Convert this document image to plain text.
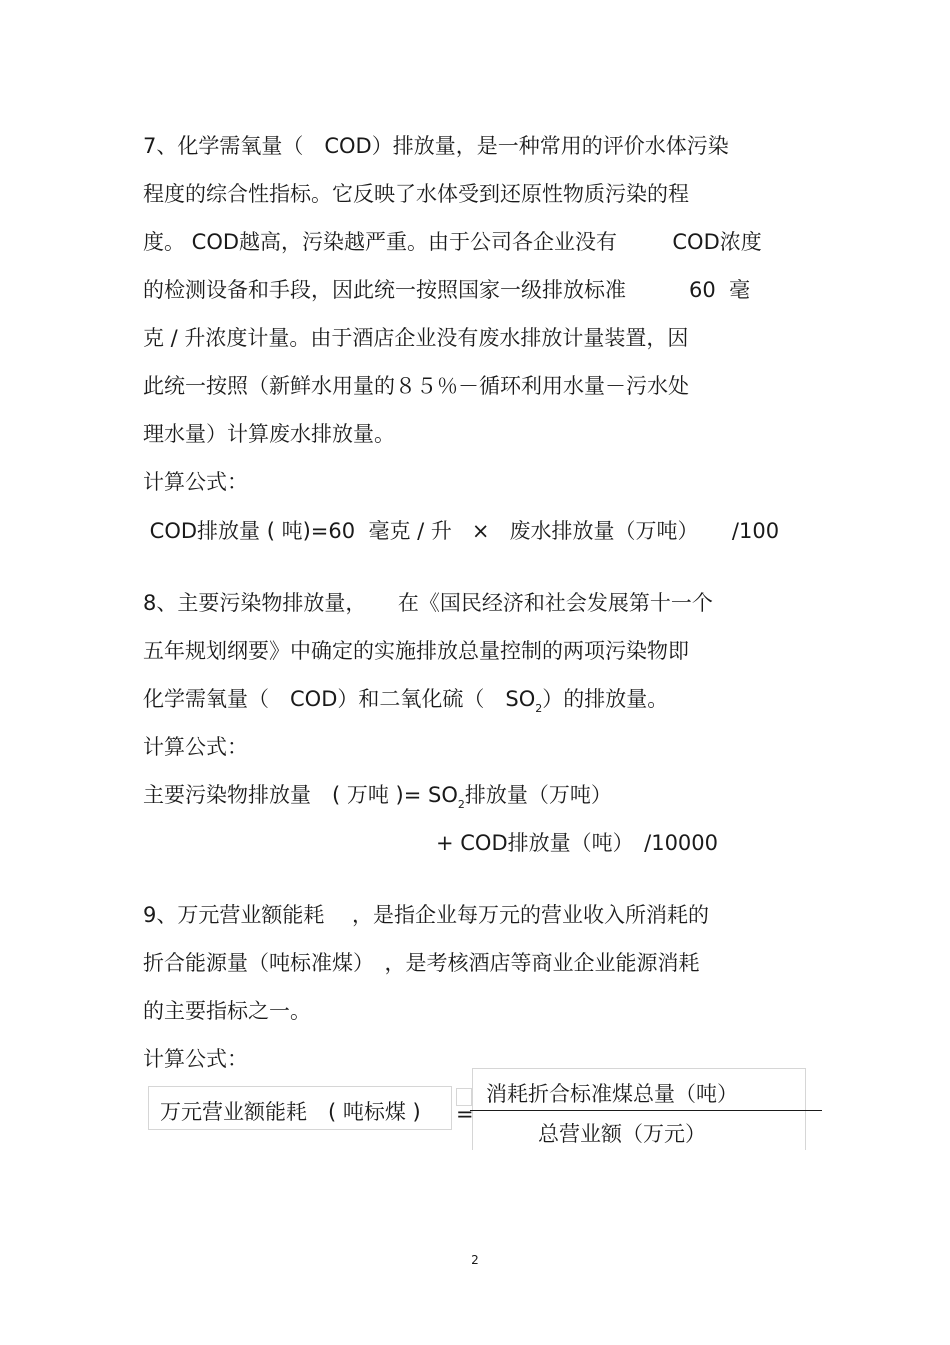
7、化学需氧量（　COD）排放量，是一种常用的评价水体污染
程度的综合性指标。它反映了水体受到还原性物质污染的程
度。 COD越高，污染越严重。由于公司各企业没有　　  COD浓度
的检测设备和手段，因此统一按照国家一级排放标准　　　60  毫
克 / 升浓度计量。由于酒店企业没有废水排放计量装置，因
此统一按照（新鲜水用量的８５％－循环利用水量－污水处
理水量）计算废水排放量。
计算公式：
COD排放量 ( 吨)=60  毫克 / 升   ×   废水排放量（万吨）     /100
8、主要污染物排放量，　　在《国民经济和社会发展第十一个
五年规划纲要》中确定的实施排放总量控制的两项污染物即
化学需氧量（　COD）和二氧化硫（　$SO_2$）的排放量。
计算公式：
主要污染物排放量　( 万吨 )= $SO_2$排放量（万吨）
+ COD排放量（吨）　/10000
9、万元营业额能耗　 ，是指企业每万元的营业收入所消耗的
折合能源量（吨标准煤）　，是考核酒店等商业企业能源消耗
的主要指标之一。
计算公式：
万元营业额能耗　( 吨标煤 ) =
消耗折合标准煤总量（吨）
总营业额（万元）
2
